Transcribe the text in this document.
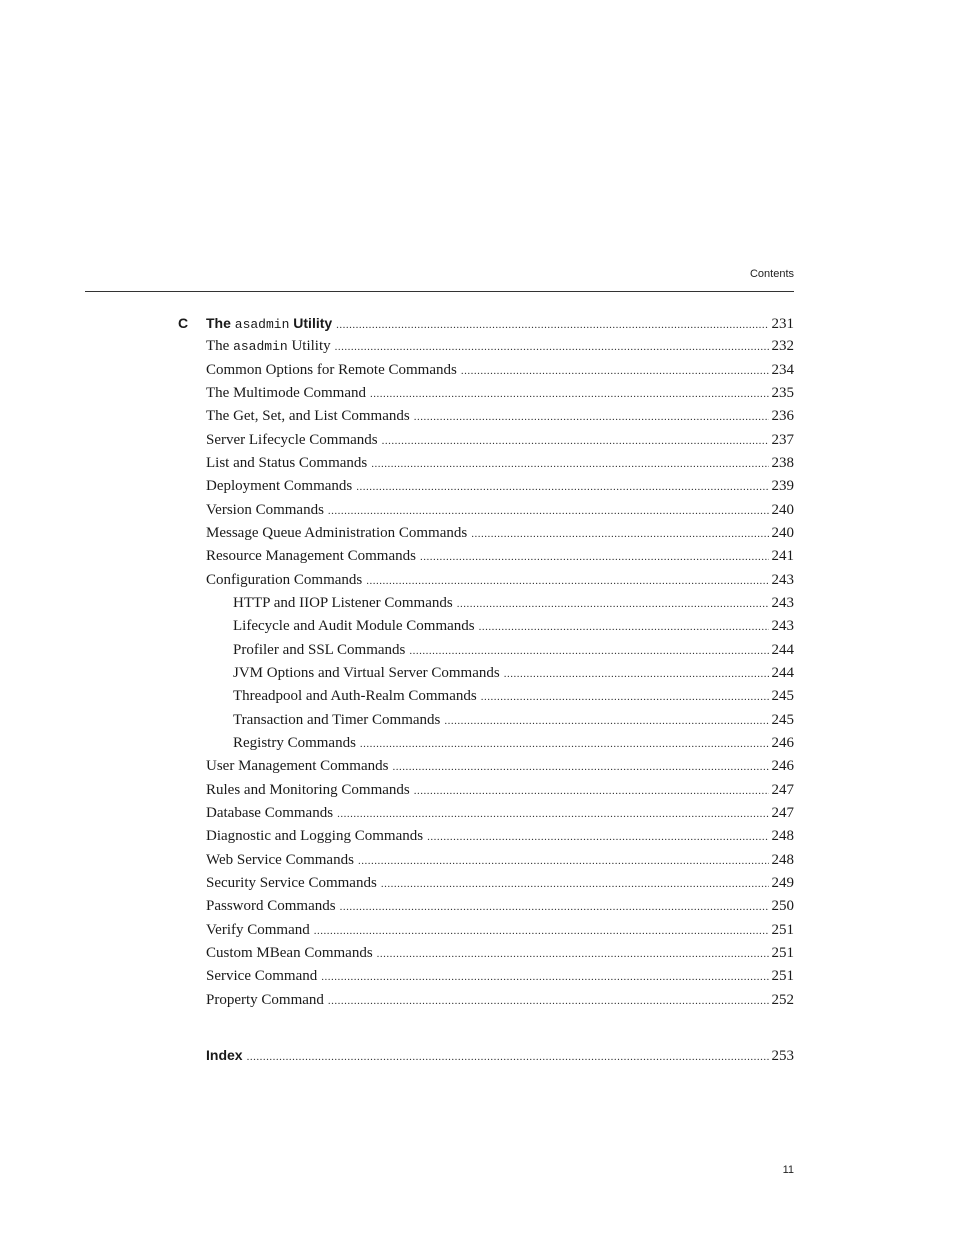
Contents
C	The asadmin Utility .....	231
The asadmin Utility .....	232
Common Options for Remote Commands .....	234
The Multimode Command .....	235
The Get, Set, and List Commands .....	236
Server Lifecycle Commands .....	237
List and Status Commands .....	238
Deployment Commands .....	239
Version Commands .....	240
Message Queue Administration Commands .....	240
Resource Management Commands .....	241
Configuration Commands .....	243
HTTP and IIOP Listener Commands .....	243
Lifecycle and Audit Module Commands .....	243
Profiler and SSL Commands .....	244
JVM Options and Virtual Server Commands .....	244
Threadpool and Auth-Realm Commands .....	245
Transaction and Timer Commands .....	245
Registry Commands .....	246
User Management Commands .....	246
Rules and Monitoring Commands .....	247
Database Commands .....	247
Diagnostic and Logging Commands .....	248
Web Service Commands .....	248
Security Service Commands .....	249
Password Commands .....	250
Verify Command .....	251
Custom MBean Commands .....	251
Service Command .....	251
Property Command .....	252
Index .....	253
11
